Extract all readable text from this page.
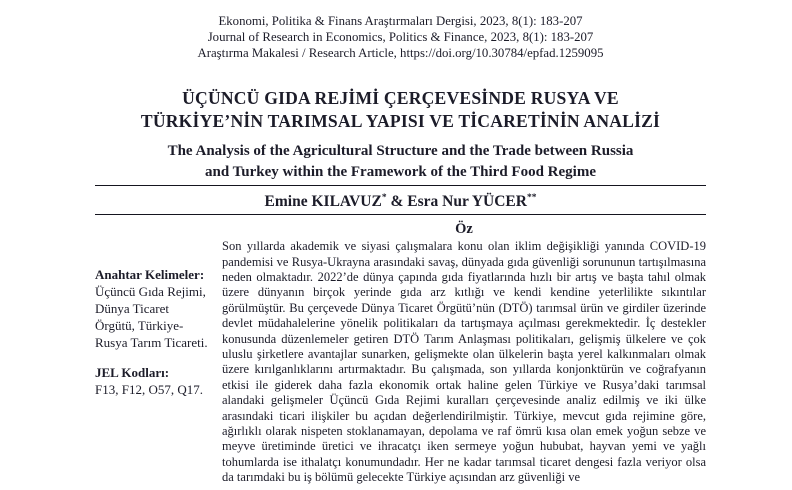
Ekonomi, Politika & Finans Araştırmaları Dergisi, 2023, 8(1): 183-207
Journal of Research in Economics, Politics & Finance, 2023, 8(1): 183-207
Araştırma Makalesi / Research Article, https://doi.org/10.30784/epfad.1259095
ÜÇÜNCÜ GIDA REJİMİ ÇERÇEVESİNDE RUSYA VE
TÜRKİYE’NİN TARIMSAL YAPISI VE TİCARETİNİN ANALİZİ
The Analysis of the Agricultural Structure and the Trade between Russia
and Turkey within the Framework of the Third Food Regime
Emine KILAVUZ* & Esra Nur YÜCER**
Anahtar Kelimeler:
Üçüncü Gıda Rejimi, Dünya Ticaret Örgütü, Türkiye-Rusya Tarım Ticareti.
JEL Kodları:
F13, F12, O57, Q17.
Öz

Son yıllarda akademik ve siyasi çalışmalara konu olan iklim değişikliği yanında COVID-19 pandemisi ve Rusya-Ukrayna arasındaki savaş, dünyada gıda güvenliği sorununun tartışılmasına neden olmaktadır. 2022’de dünya çapında gıda fiyatlarında hızlı bir artış ve başta tahıl olmak üzere dünyanın birçok yerinde gıda arz kıtlığı ve kendi kendine yeterlilikte sıkıntılar görülmüştür. Bu çerçevede Dünya Ticaret Örgütü’nün (DTÖ) tarımsal ürün ve girdiler üzerinde devlet müdahalelerine yönelik politikaları da tartışmaya açılması gerekmektedir. İç destekler konusunda düzenlemeler getiren DTÖ Tarım Anlaşması politikaları, gelişmiş ülkelere ve çok uluslu şirketlere avantajlar sunarken, gelişmekte olan ülkelerin başta yerel kalkınmaları olmak üzere kırılganlıklarını artırmaktadır. Bu çalışmada, son yıllarda konjonktürün ve coğrafyanın etkisi ile giderek daha fazla ekonomik ortak haline gelen Türkiye ve Rusya’daki tarımsal alandaki gelişmeler Üçüncü Gıda Rejimi kuralları çerçevesinde analiz edilmiş ve iki ülke arasındaki ticari ilişkiler bu açıdan değerlendirilmiştir. Türkiye, mevcut gıda rejimine göre, ağırlıklı olarak nispeten stoklanamayan, depolama ve raf ömrü kısa olan emek yoğun sebze ve meyve üretiminde üretici ve ihracatçı iken sermeye yoğun hububat, hayvan yemi ve yağlı tohumlarda ise ithalatçı konumundadır. Her ne kadar tarımsal ticaret dengesi fazla veriyor olsa da tarımdaki bu iş bölümü gelecekte Türkiye açısından arz güvenliği ve
